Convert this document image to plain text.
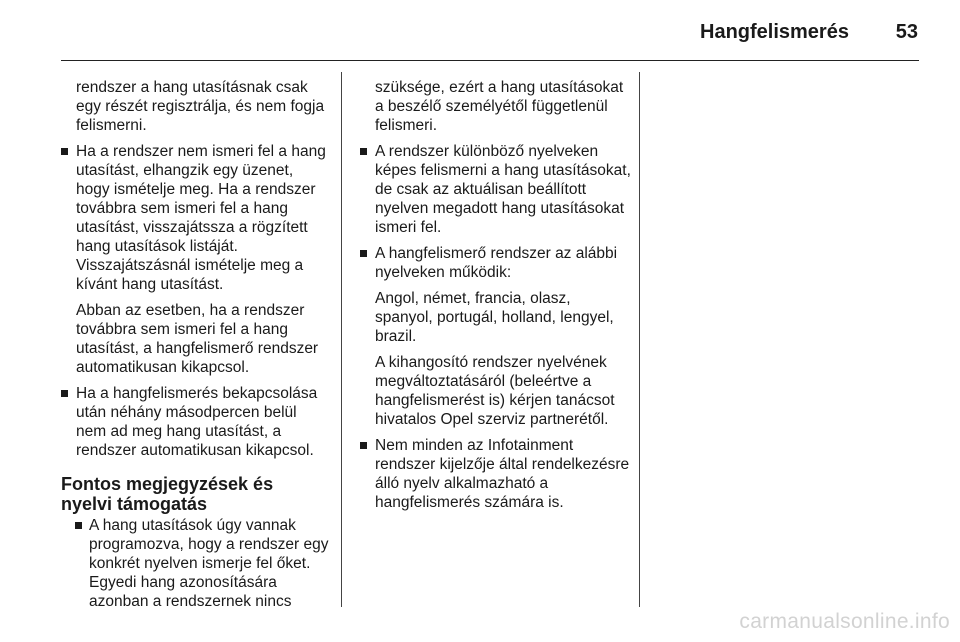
Hangfelismerés	53

rendszer a hang utasításnak csak egy részét regisztrálja, és nem fogja felismerni.

Ha a rendszer nem ismeri fel a hang utasítást, elhangzik egy üzenet, hogy ismételje meg. Ha a rendszer továbbra sem ismeri fel a hang utasítást, visszajátssza a rögzített hang utasítások listáját. Visszajátszásnál ismételje meg a kívánt hang utasítást.

Abban az esetben, ha a rendszer továbbra sem ismeri fel a hang utasítást, a hangfelismerő rendszer automatikusan kikapcsol.

Ha a hangfelismerés bekapcsolása után néhány másodpercen belül nem ad meg hang utasítást, a rendszer automatikusan kikapcsol.
Fontos megjegyzések és nyelvi támogatás
A hang utasítások úgy vannak programozva, hogy a rendszer egy konkrét nyelven ismerje fel őket. Egyedi hang azonosítására azonban a rendszernek nincs

szüksége, ezért a hang utasításokat a beszélő személyétől függetlenül felismeri.

A rendszer különböző nyelveken képes felismerni a hang utasításokat, de csak az aktuálisan beállított nyelven megadott hang utasításokat ismeri fel.
A hangfelismerő rendszer az alábbi nyelveken működik:

Angol, német, francia, olasz, spanyol, portugál, holland, lengyel, brazil.

A kihangosító rendszer nyelvének megváltoztatásáról (beleértve a hangfelismerést is) kérjen tanácsot hivatalos Opel szerviz partnerétől.

Nem minden az Infotainment rendszer kijelzője által rendelkezésre álló nyelv alkalmazható a hangfelismerés számára is.
carmanualsonline.info
